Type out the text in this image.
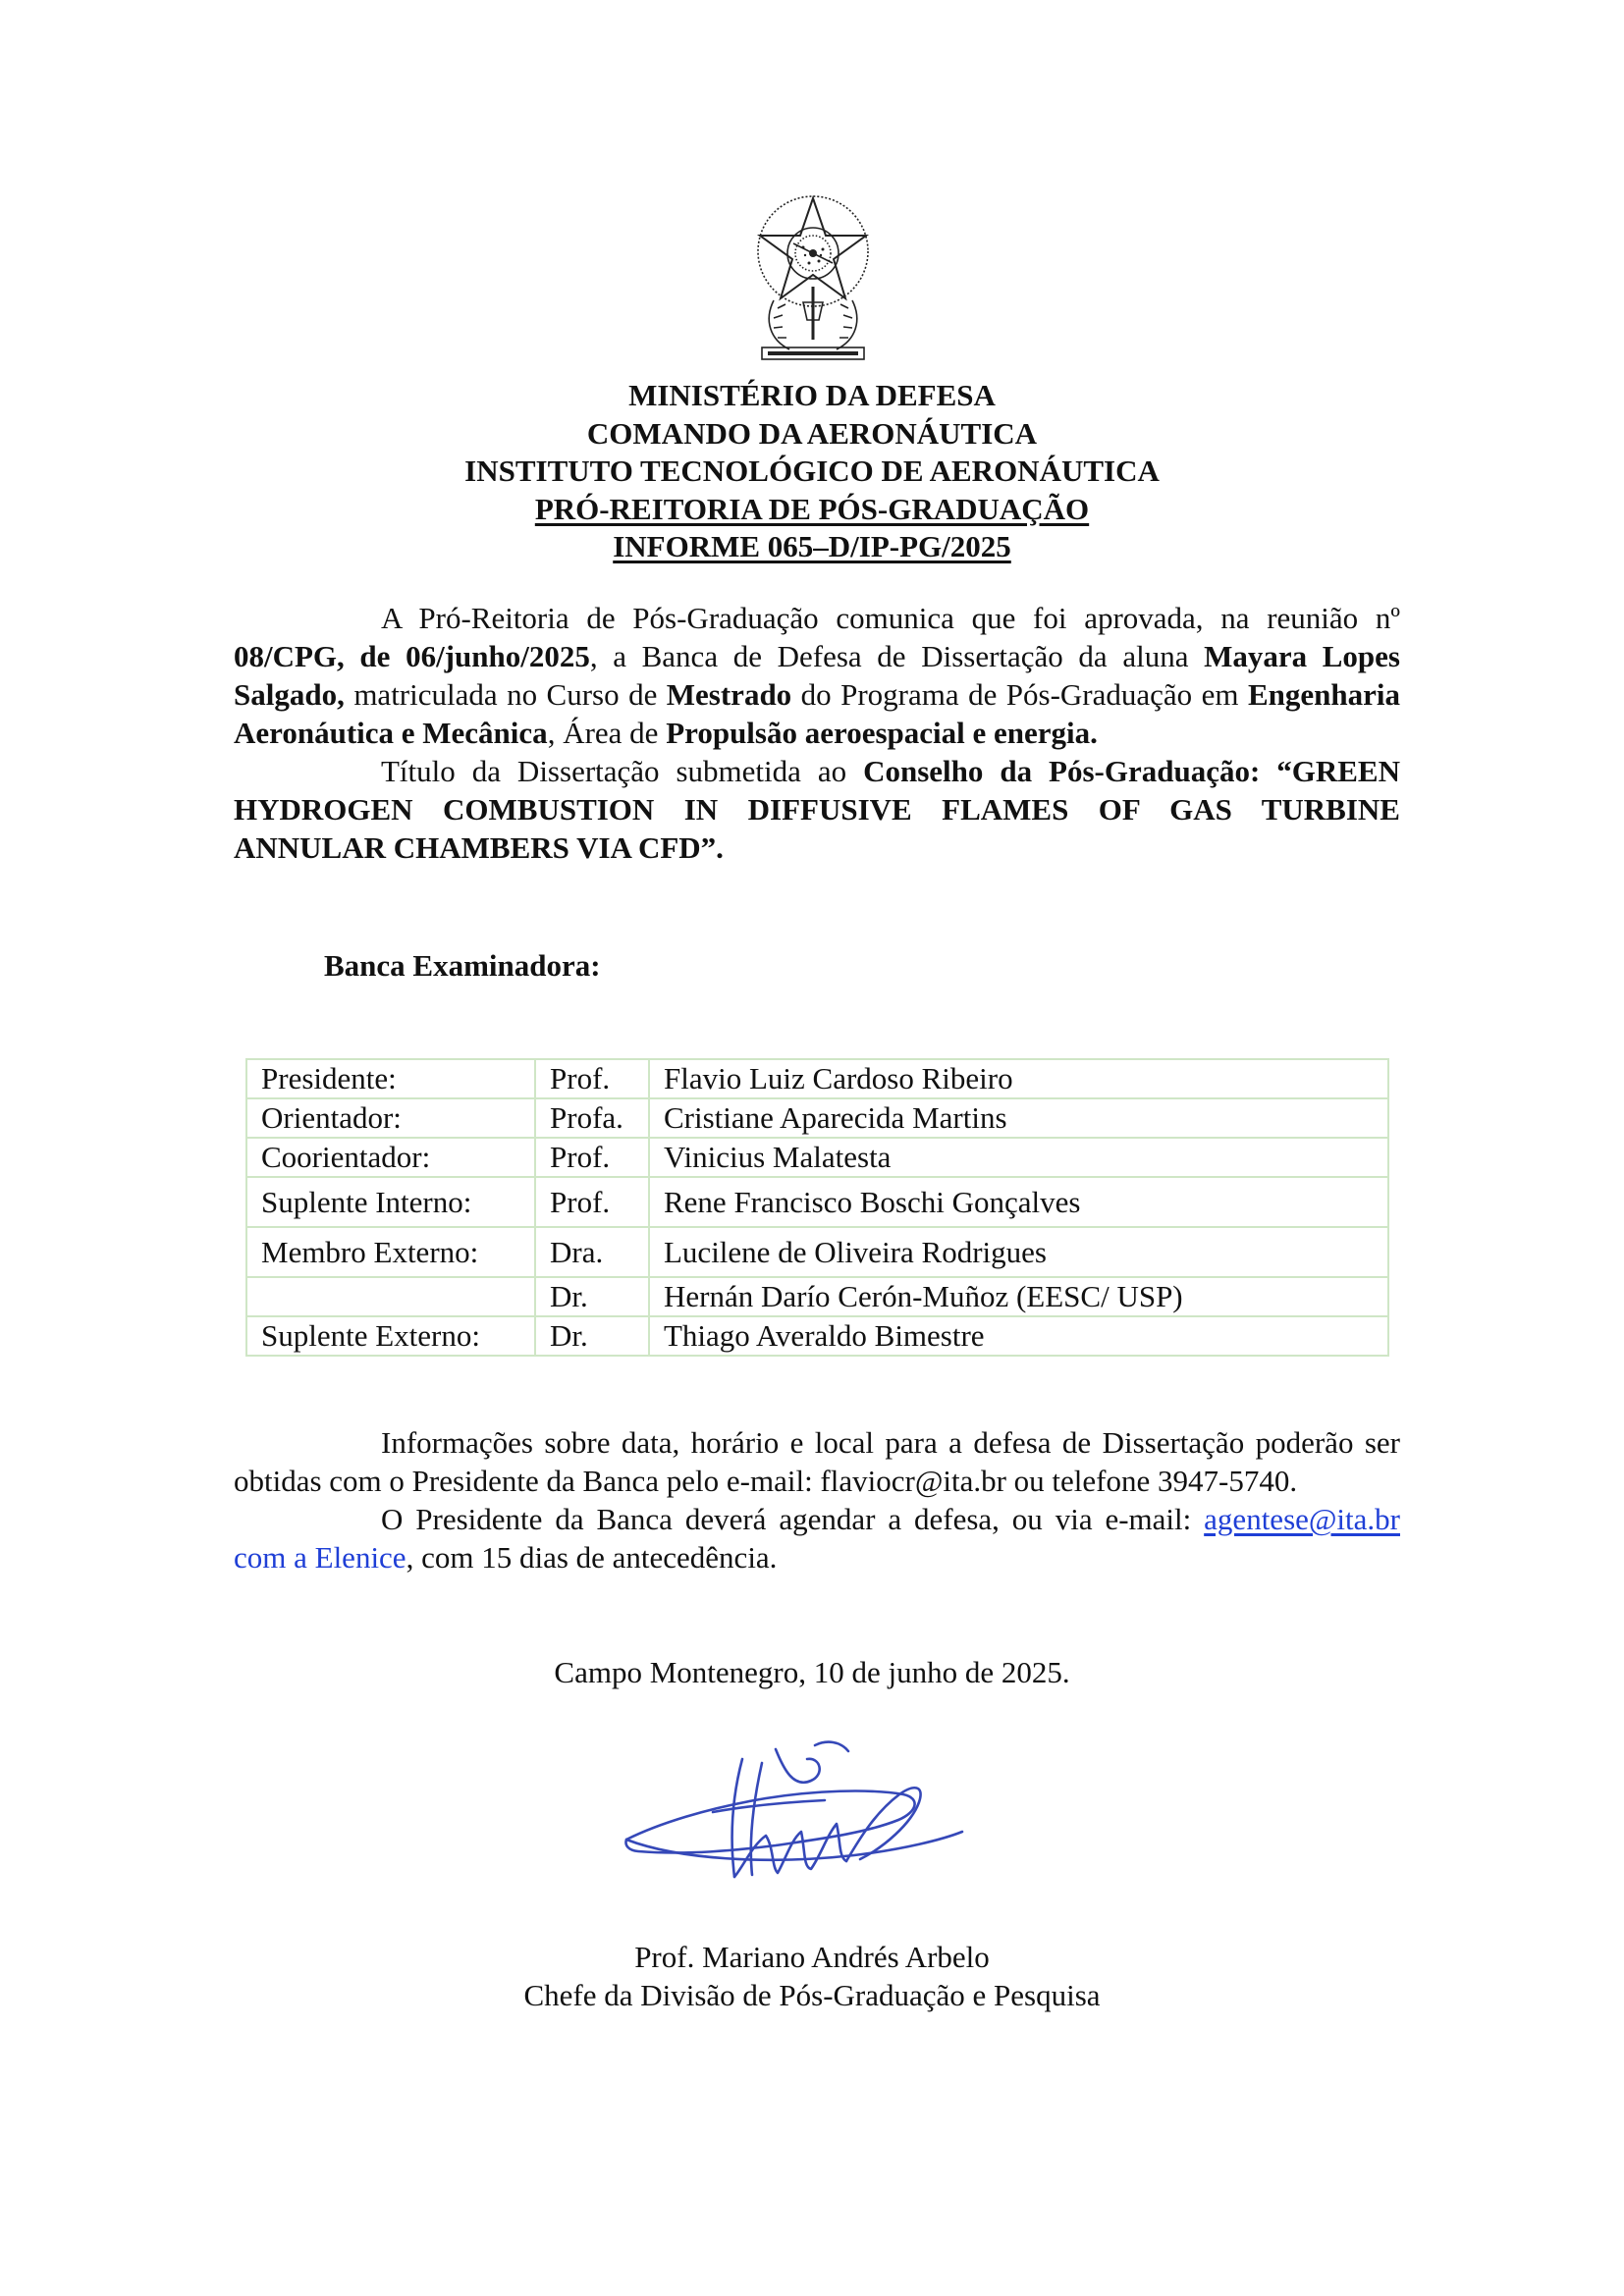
MINISTÉRIO DA DEFESA
COMANDO DA AERONÁUTICA
INSTITUTO TECNOLÓGICO DE AERONÁUTICA
PRÓ-REITORIA DE PÓS-GRADUAÇÃO
INFORME 065–D/IP-PG/2025

A Pró-Reitoria de Pós-Graduação comunica que foi aprovada, na reunião nº 08/CPG, de 06/junho/2025, a Banca de Defesa de Dissertação da aluna Mayara Lopes Salgado, matriculada no Curso de Mestrado do Programa de Pós-Graduação em Engenharia Aeronáutica e Mecânica, Área de Propulsão aeroespacial e energia.

Título da Dissertação submetida ao Conselho da Pós-Graduação: “GREEN HYDROGEN COMBUSTION IN DIFFUSIVE FLAMES OF GAS TURBINE ANNULAR CHAMBERS VIA CFD”.

Banca Examinadora:
Presidente:	Prof.	Flavio Luiz Cardoso Ribeiro
Orientador:	Profa.	Cristiane Aparecida Martins
Coorientador:	Prof.	Vinicius Malatesta
Suplente Interno:	Prof.	Rene Francisco Boschi Gonçalves
Membro Externo:	Dra.	Lucilene de Oliveira Rodrigues
	Dr.	Hernán Darío Cerón-Muñoz (EESC/ USP)
Suplente Externo:	Dr.	Thiago Averaldo Bimestre

Informações sobre data, horário e local para a defesa de Dissertação poderão ser obtidas com o Presidente da Banca pelo e-mail: flaviocr@ita.br ou telefone 3947-5740.

O Presidente da Banca deverá agendar a defesa, ou via e-mail: agentese@ita.br com a Elenice, com 15 dias de antecedência.

Campo Montenegro, 10 de junho de 2025.
Prof. Mariano Andrés Arbelo
Chefe da Divisão de Pós-Graduação e Pesquisa
